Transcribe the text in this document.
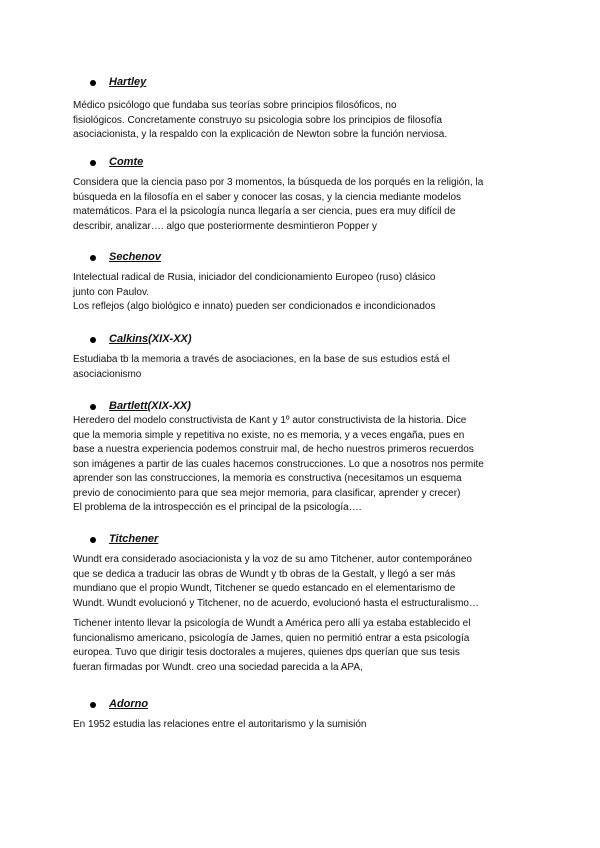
Hartley
Médico psicólogo que fundaba sus teorías sobre principios filosóficos, no
fisiológicos. Concretamente construyo su psicologia sobre los principios de filosofía
asociacionista, y la respaldo con la explicación de Newton sobre la función nerviosa.
Comte
Considera que la ciencia paso por 3 momentos, la búsqueda de los porqués en la religión, la
búsqueda en la filosofía en el saber y conocer las cosas, y la ciencia mediante modelos
matemáticos. Para el la psicología nunca llegaría a ser ciencia, pues era muy difícil de
describir, analizar…. algo que posteriormente desmintieron Popper y
Sechenov
Intelectual radical de Rusia, iniciador del condicionamiento Europeo (ruso) clásico
junto con Paulov.
Los reflejos (algo biológico e innato) pueden ser condicionados e incondicionados
Calkins(XIX-XX)
Estudiaba tb la memoria a través de asociaciones, en la base de sus estudios está el
asociacionismo
Bartlett(XIX-XX)
Heredero del modelo constructivista de Kant y 1º autor constructivista de la historia. Dice
que la memoria simple y repetitiva no existe, no es memoria, y a veces engaña, pues en
base a nuestra experiencia podemos construir mal, de hecho nuestros primeros recuerdos
son imágenes a partir de las cuales hacemos construcciones. Lo que a nosotros nos permite
aprender son las construcciones, la memoria es constructiva (necesitamos un esquema
previo de conocimiento para que sea mejor memoria, para clasificar, aprender y crecer)
El problema de la introspección es el principal de la psicología….
Titchener
Wundt era considerado asociacionista y la voz de su amo Titchener, autor contemporáneo
que se dedica a traducir las obras de Wundt y tb obras de la Gestalt, y llegó a ser más
mundiano que el propio Wundt, Titchener se quedo estancado en el elementarismo de
Wundt. Wundt evolucionó y Titchener, no de acuerdo, evolucionó hasta el estructuralismo…
Tichener intento llevar la psicología de Wundt a América pero allí ya estaba establecido el
funcionalismo americano, psicología de James, quien no permitió entrar a esta psicología
europea. Tuvo que dirigir tesis doctorales a mujeres, quienes dps querían que sus tesis
fueran firmadas por Wundt. creo una sociedad parecida a la APA,
Adorno
En 1952 estudia las relaciones entre el autoritarismo y la sumisión
